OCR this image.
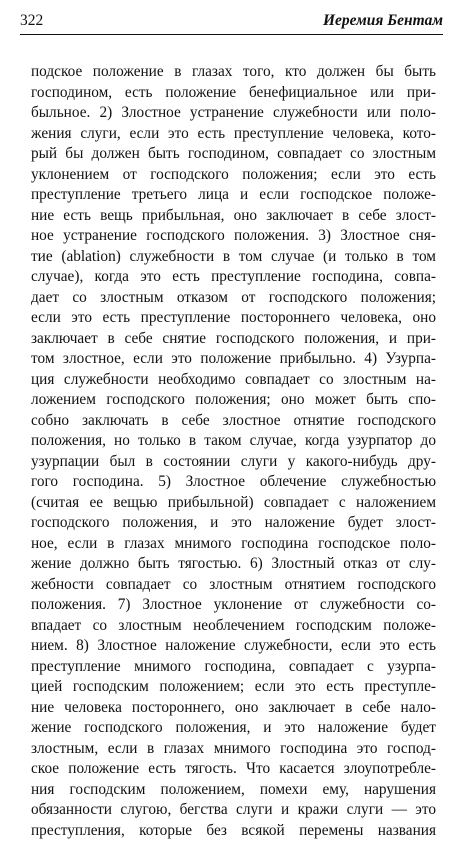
322	Иеремия Бентам
подское положение в глазах того, кто должен бы быть
господином, есть положение бенефициальное или при-
быльное. 2) Злостное устранение служебности или поло-
жения слуги, если это есть преступление человека, кото-
рый бы должен быть господином, совпадает со злостным
уклонением от господского положения; если это есть
преступление третьего лица и если господское положе-
ние есть вещь прибыльная, оно заключает в себе злост-
ное устранение господского положения. 3) Злостное сня-
тие (ablation) служебности в том случае (и только в том
случае), когда это есть преступление господина, совпа-
дает со злостным отказом от господского положения;
если это есть преступление постороннего человека, оно
заключает в себе снятие господского положения, и при-
том злостное, если это положение прибыльно. 4) Узурпа-
ция служебности необходимо совпадает со злостным на-
ложением господского положения; оно может быть спо-
собно заключать в себе злостное отнятие господского
положения, но только в таком случае, когда узурпатор до
узурпации был в состоянии слуги у какого-нибудь дру-
гого господина. 5) Злостное облечение служебностью
(считая ее вещью прибыльной) совпадает с наложением
господского положения, и это наложение будет злост-
ное, если в глазах мнимого господина господское поло-
жение должно быть тягостью. 6) Злостный отказ от слу-
жебности совпадает со злостным отнятием господского
положения. 7) Злостное уклонение от служебности со-
впадает со злостным необлечением господским положе-
нием. 8) Злостное наложение служебности, если это есть
преступление мнимого господина, совпадает с узурпа-
цией господским положением; если это есть преступле-
ние человека постороннего, оно заключает в себе нало-
жение господского положения, и это наложение будет
злостным, если в глазах мнимого господина это господ-
ское положение есть тягость. Что касается злоупотребле-
ния господским положением, помехи ему, нарушения
обязанности слугою, бегства слуги и кражи слуги — это
преступления, которые без всякой перемены названия
